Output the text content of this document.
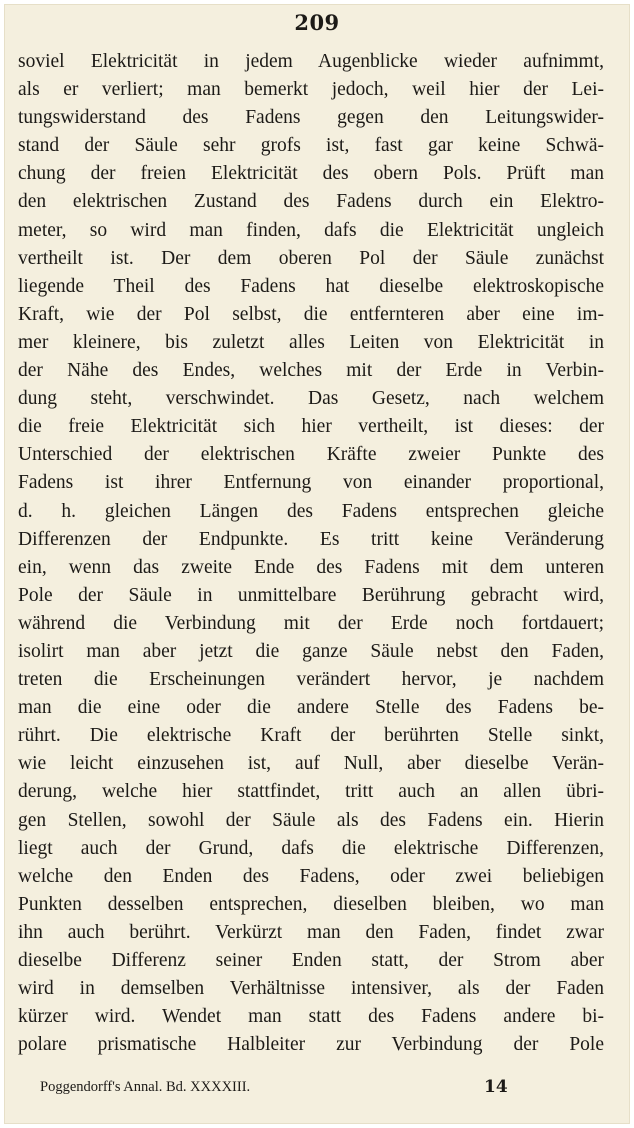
209
soviel Elektricität in jedem Augenblicke wieder aufnimmt,
als er verliert; man bemerkt jedoch, weil hier der Lei-
tungswiderstand des Fadens gegen den Leitungswider-
stand der Säule sehr grofs ist, fast gar keine Schwä-
chung der freien Elektricität des obern Pols. Prüft man
den elektrischen Zustand des Fadens durch ein Elektro-
meter, so wird man finden, dafs die Elektricität ungleich
vertheilt ist. Der dem oberen Pol der Säule zunächst
liegende Theil des Fadens hat dieselbe elektroskopische
Kraft, wie der Pol selbst, die entfernteren aber eine im-
mer kleinere, bis zuletzt alles Leiten von Elektricität in
der Nähe des Endes, welches mit der Erde in Verbin-
dung steht, verschwindet. Das Gesetz, nach welchem
die freie Elektricität sich hier vertheilt, ist dieses: der
Unterschied der elektrischen Kräfte zweier Punkte des
Fadens ist ihrer Entfernung von einander proportional,
d. h. gleichen Längen des Fadens entsprechen gleiche
Differenzen der Endpunkte. Es tritt keine Veränderung
ein, wenn das zweite Ende des Fadens mit dem unteren
Pole der Säule in unmittelbare Berührung gebracht wird,
während die Verbindung mit der Erde noch fortdauert;
isolirt man aber jetzt die ganze Säule nebst den Faden,
treten die Erscheinungen verändert hervor, je nachdem
man die eine oder die andere Stelle des Fadens be-
rührt. Die elektrische Kraft der berührten Stelle sinkt,
wie leicht einzusehen ist, auf Null, aber dieselbe Verän-
derung, welche hier stattfindet, tritt auch an allen übri-
gen Stellen, sowohl der Säule als des Fadens ein. Hierin
liegt auch der Grund, dafs die elektrische Differenzen,
welche den Enden des Fadens, oder zwei beliebigen
Punkten desselben entsprechen, dieselben bleiben, wo man
ihn auch berührt. Verkürzt man den Faden, findet zwar
dieselbe Differenz seiner Enden statt, der Strom aber
wird in demselben Verhältnisse intensiver, als der Faden
kürzer wird. Wendet man statt des Fadens andere bi-
polare prismatische Halbleiter zur Verbindung der Pole
Poggendorff's Annal. Bd. XXXXIII.	14
